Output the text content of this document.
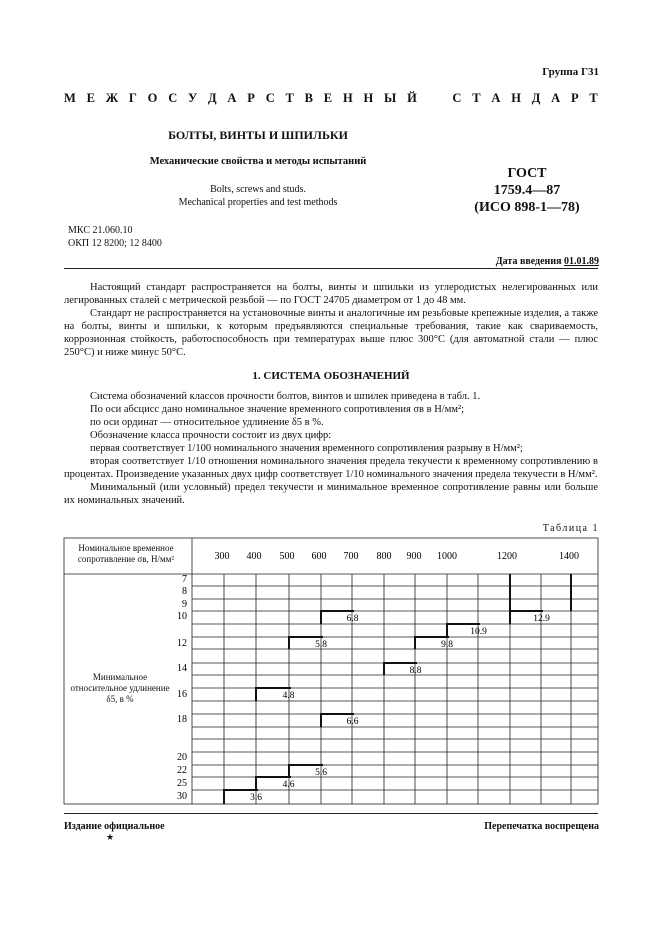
Группа Г31
М Е Ж Г О С У Д А Р С Т В Е Н Н Ы Й	С Т А Н Д А Р Т
БОЛТЫ, ВИНТЫ И ШПИЛЬКИ
Механические свойства и методы испытаний
Bolts, screws and studs.
Mechanical properties and test methods
ГОСТ
1759.4—87
(ИСО 898-1—78)
МКС 21.060.10
ОКП 12 8200; 12 8400
Дата введения 01.01.89

Настоящий стандарт распространяется на болты, винты и шпильки из углеродистых нелегированных или легированных сталей с метрической резьбой — по ГОСТ 24705 диаметром от 1 до 48 мм.

Стандарт не распространяется на установочные винты и аналогичные им резьбовые крепежные изделия, а также на болты, винты и шпильки, к которым предъявляются специальные требования, такие как свариваемость, коррозионная стойкость, работоспособность при температурах выше плюс 300°С (для автоматной стали — плюс 250°С) и ниже минус 50°С.

1. СИСТЕМА ОБОЗНАЧЕНИЙ

Система обозначений классов прочности болтов, винтов и шпилек приведена в табл. 1.

По оси абсцисс дано номинальное значение временного сопротивления σв в Н/мм²;

по оси ординат — относительное удлинение δ5 в %.

Обозначение класса прочности состоит из двух цифр:

первая соответствует 1/100 номинального значения временного сопротивления разрыву в Н/мм²;

вторая соответствует 1/10 отношения номинального значения предела текучести к временному сопротивлению в процентах. Произведение указанных двух цифр соответствует 1/10 номинального значения предела текучести в Н/мм².

Минимальный (или условный) предел текучести и минимальное временное сопротивление равны или больше их номинальных значений.

Таблица 1
7
8
9
10
12
14
16
18
20
22
25
30
300 400 500 600 700 800 900 1000	1200	1400
3.6
4.6
4.8
5.6
5.8
6.6
6.8
8.8
9.8
10.9
12.9
Номинальное временное сопротивление σв, Н/мм²
Минимальное относительное удлинение δ5, в %
Издание официальное	Перепечатка воспрещена
★
